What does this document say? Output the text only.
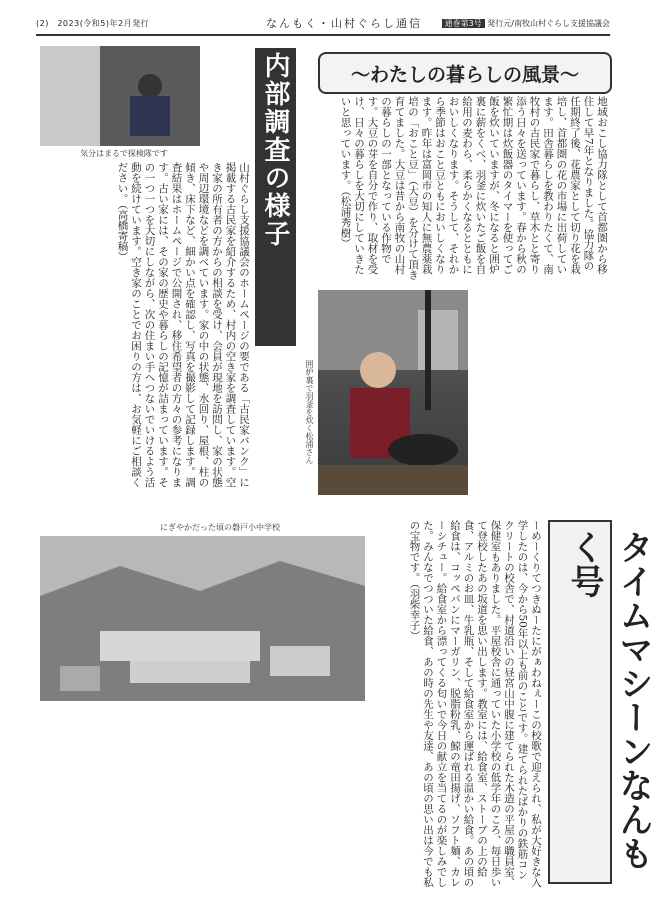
(2)　2023(令和5)年2月発行	なんもく・山村ぐらし通信	通巻第3号 発行元/南牧山村ぐらし支援協議会
〜わたしの暮らしの風景〜
地域おこし協力隊として首都圏から移住して早7年となりました。協力隊の任期終了後、花農家として切り花を栽培し、首都圏の花の市場に出荷しています。田舎暮らしを教わりたくて、南牧村の古民家で暮らし、草木とと寄り添う日々を送っています。春から秋の繁忙期は炊飯器のタイマーを使ってご飯を炊いていますが、冬になると囲炉裏に薪をくべ、羽釜に炊いたご飯を自給用の麦わら、柔らかくなるとともにおいしくなります。そうして、それから季節はおこと豆ともにおいしくなります。昨年は富岡市の知人に無農薬栽培の「おこと豆」（大豆）を分けて頂き育てました。大豆は昔から南牧の山村の暮らしの一部となっている作物です。大豆の芽を自分で作り、取材を受け、日々の暮らしを大切にしていきたいと思っています。（松浦秀樹）
囲炉裏で羽釜を炊く松浦さん
気分はまるで探検隊です	内部調査の様子
山村ぐらし支援協議会のホームページの要である「古民家バンク」に掲載する古民家を紹介するため、村内の空き家を調査しています。空き家の所有者の方からの相談を受け、会員が現地を訪問し、家の状態や周辺環境などを調べています。家の中の状態、水回り、屋根、柱の傾き、床下など、細かい点を確認し、写真を撮影して記録します。調査結果はホームページで公開され、移住希望者の方々の参考になります。古い家には、その家の歴史や暮らしの記憶が詰まっています。その一つ一つを大切にしながら、次の住まい手へつないでいけるよう活動を続けています。空き家のことでお困りの方は、お気軽にご相談ください。（高橋寄稿）
タイムマシーンなんもく号
ーめーくりてつきぬーたにがぁわねぇーこの校歌で迎えられ、私が大好きな入学したのは、今から50年以上も前のことです。建てられたばかりの鉄筋コンクリートの校舎で、村道沿いの昼宮山中腹に建てられた木造の平屋の職員室、保健室もありました。平屋校舎に通っていた小学校の低学年のころ、毎日歩いて登校したあの坂道を思い出します。教室には、給食室、ストーブの上の給食、アルミのお皿、牛乳瓶、そして給食室から運ばれる温かい給食。あの頃の給食は、コッペパンにマーガリン、脱脂粉乳、鯨の竜田揚げ、ソフト麺、カレーシチュー。給食室から漂ってくる匂いで今日の献立を当てるのが楽しみでした。みんなでつついた給食、あの時の先生や友達、あの頃の思い出は今でも私の宝物です。（羽柴幸子）
にぎやかだった頃の磐戸小中学校
